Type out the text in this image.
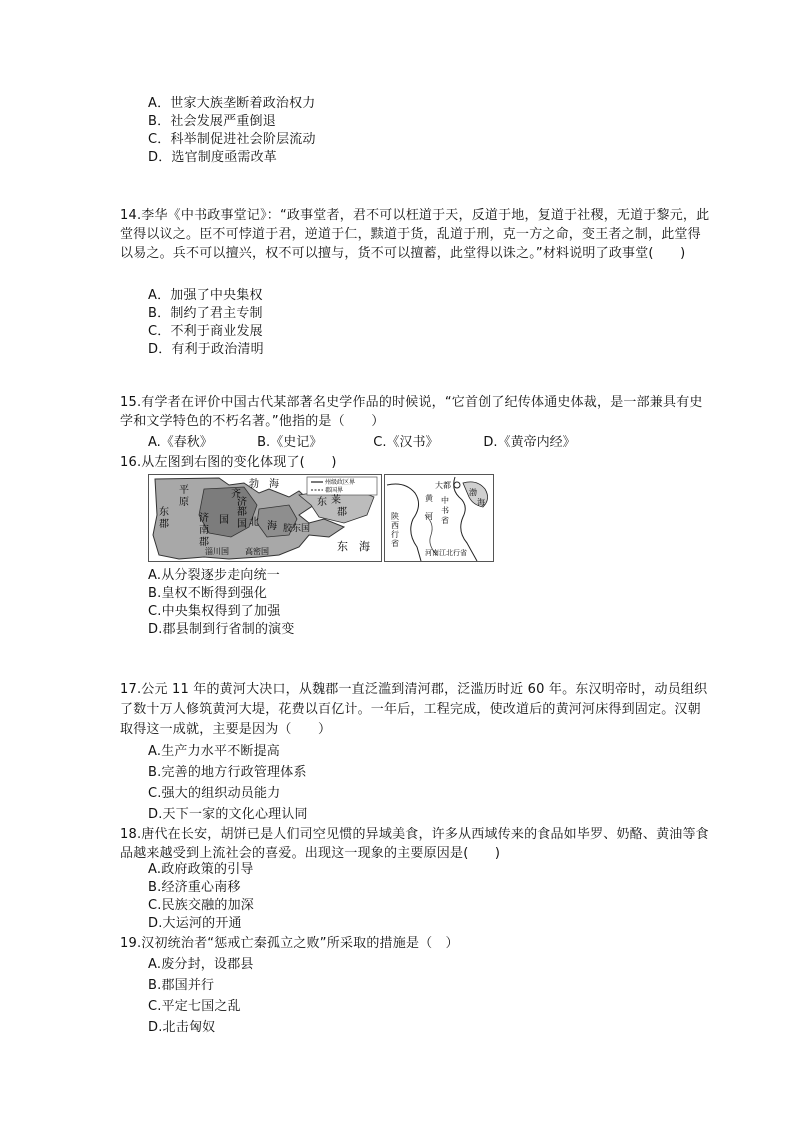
A．世家大族垄断着政治权力
B．社会发展严重倒退
C．科举制促进社会阶层流动
D．选官制度亟需改革
14.李华《中书政事堂记》：“政事堂者，君不可以枉道于天，反道于地，复道于社稷，无道于黎元，此堂得以议之。臣不可悖道于君，逆道于仁，黩道于货，乱道于刑，克一方之命，变王者之制，此堂得以易之。兵不可以擅兴，权不可以擅与，货不可以擅蓄，此堂得以诛之。”材料说明了政事堂(　　)
A．加强了中央集权
B．制约了君主专制
C．不利于商业发展
D．有利于政治清明
15.有学者在评价中国古代某部著名史学作品的时候说，“它首创了纪传体通史体裁，是一部兼具有史学和文学特色的不朽名著。”他指的是（　　）
A.《春秋》	B.《史记》	C.《汉书》	D.《黄帝内经》
16.从左图到右图的变化体现了(　　)
州级政区界
郡国界
平
原
济
南
郡
国
东
郡
都
国
济
北
齐
海
东 莱
郡
胶东国
淄川国 高密国
勃 海
东 海
大都
中
书
省
黄
河
陕
西
行
省
渤
海
河南江北行省
A.从分裂逐步走向统一
B.皇权不断得到强化
C.中央集权得到了加强
D.郡县制到行省制的演变
17.公元 11 年的黄河大决口，从魏郡一直泛滥到清河郡，泛滥历时近 60 年。东汉明帝时，动员组织了数十万人修筑黄河大堤，花费以百亿计。一年后，工程完成，使改道后的黄河河床得到固定。汉朝取得这一成就，主要是因为（　　）
A.生产力水平不断提高
B.完善的地方行政管理体系
C.强大的组织动员能力
D.天下一家的文化心理认同
18.唐代在长安，胡饼已是人们司空见惯的异域美食，许多从西域传来的食品如毕罗、奶酪、黄油等食品越来越受到上流社会的喜爱。出现这一现象的主要原因是(　　)
A.政府政策的引导
B.经济重心南移
C.民族交融的加深
D.大运河的开通
19.汉初统治者“惩戒亡秦孤立之败”所采取的措施是（　）
A.废分封，设郡县
B.郡国并行
C.平定七国之乱
D.北击匈奴
